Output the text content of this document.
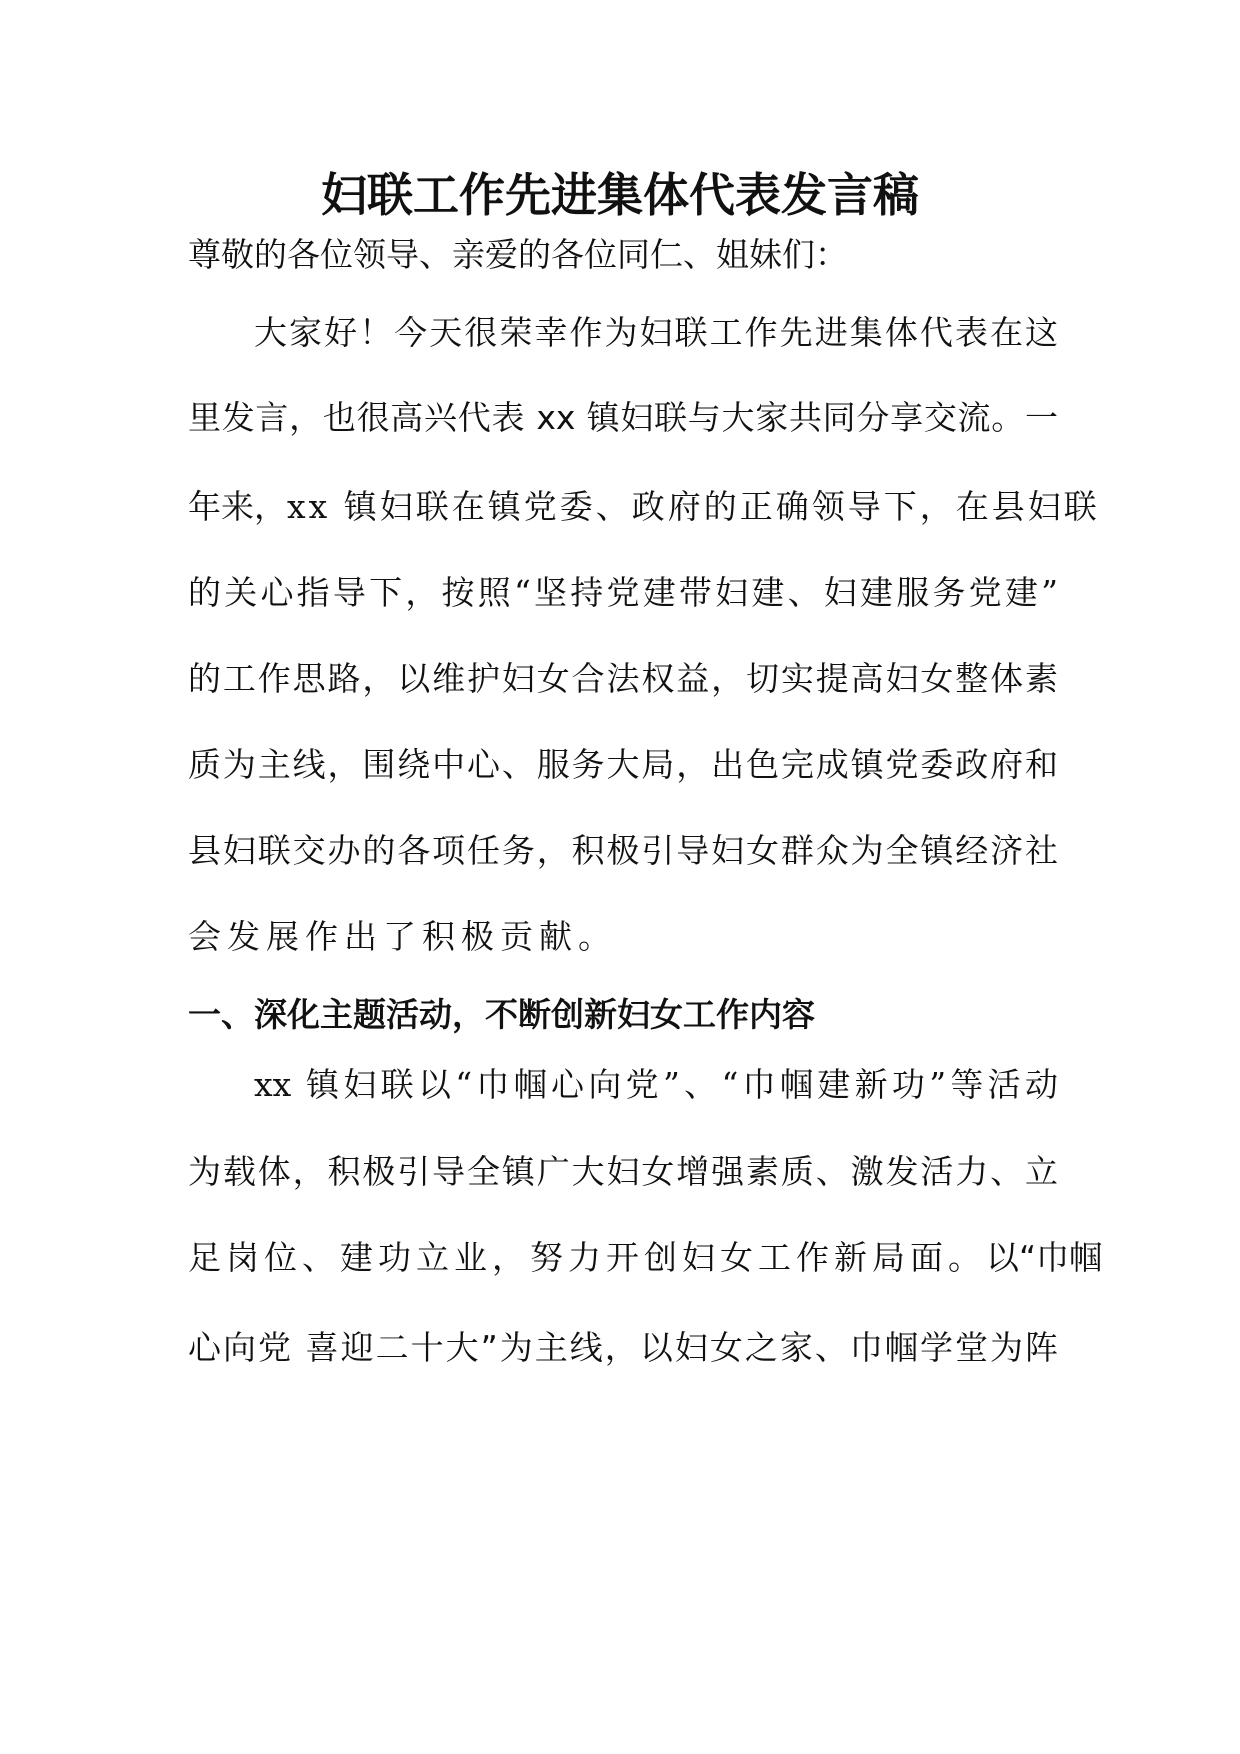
妇联工作先进集体代表发言稿
尊敬的各位领导、亲爱的各位同仁、姐妹们：
大家好！今天很荣幸作为妇联工作先进集体代表在这
里发言，也很高兴代表 xx 镇妇联与大家共同分享交流。一
年来，xx 镇妇联在镇党委、政府的正确领导下，在县妇联
的关心指导下，按照“坚持党建带妇建、妇建服务党建”
的工作思路，以维护妇女合法权益，切实提高妇女整体素
质为主线，围绕中心、服务大局，出色完成镇党委政府和
县妇联交办的各项任务，积极引导妇女群众为全镇经济社
会发展作出了积极贡献。
一、深化主题活动，不断创新妇女工作内容
xx 镇妇联以“巾帼心向党”、“巾帼建新功”等活动
为载体，积极引导全镇广大妇女增强素质、激发活力、立
足岗位、建功立业，努力开创妇女工作新局面。以“巾帼
心向党 喜迎二十大”为主线，以妇女之家、巾帼学堂为阵
